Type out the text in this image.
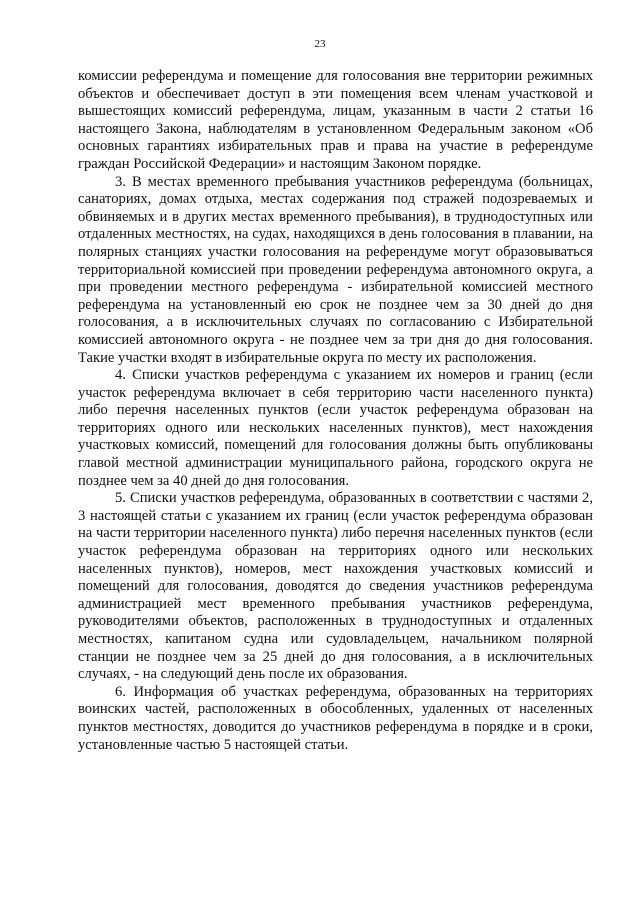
23

комиссии референдума и помещение для голосования вне территории режимных объектов и обеспечивает доступ в эти помещения всем членам участковой и вышестоящих комиссий референдума, лицам, указанным в части 2 статьи 16 настоящего Закона, наблюдателям в установленном Федеральным законом «Об основных гарантиях избирательных прав и права на участие в референдуме граждан Российской Федерации» и настоящим Законом порядке.

3. В местах временного пребывания участников референдума (больницах, санаториях, домах отдыха, местах содержания под стражей подозреваемых и обвиняемых и в других местах временного пребывания), в труднодоступных или отдаленных местностях, на судах, находящихся в день голосования в плавании, на полярных станциях участки голосования на референдуме могут образовываться территориальной комиссией при проведении референдума автономного округа, а при проведении местного референдума - избирательной комиссией местного референдума на установленный ею срок не позднее чем за 30 дней до дня голосования, а в исключительных случаях по согласованию с Избирательной комиссией автономного округа - не позднее чем за три дня до дня голосования. Такие участки входят в избирательные округа по месту их расположения.

4. Списки участков референдума с указанием их номеров и границ (если участок референдума включает в себя территорию части населенного пункта) либо перечня населенных пунктов (если участок референдума образован на территориях одного или нескольких населенных пунктов), мест нахождения участковых комиссий, помещений для голосования должны быть опубликованы главой местной администрации муниципального района, городского округа не позднее чем за 40 дней до дня голосования.

5. Списки участков референдума, образованных в соответствии с частями 2, 3 настоящей статьи с указанием их границ (если участок референдума образован на части территории населенного пункта) либо перечня населенных пунктов (если участок референдума образован на территориях одного или нескольких населенных пунктов), номеров, мест нахождения участковых комиссий и помещений для голосования, доводятся до сведения участников референдума администрацией мест временного пребывания участников референдума, руководителями объектов, расположенных в труднодоступных и отдаленных местностях, капитаном судна или судовладельцем, начальником полярной станции не позднее чем за 25 дней до дня голосования, а в исключительных случаях, - на следующий день после их образования.

6. Информация об участках референдума, образованных на территориях воинских частей, расположенных в обособленных, удаленных от населенных пунктов местностях, доводится до участников референдума в порядке и в сроки, установленные частью 5 настоящей статьи.
